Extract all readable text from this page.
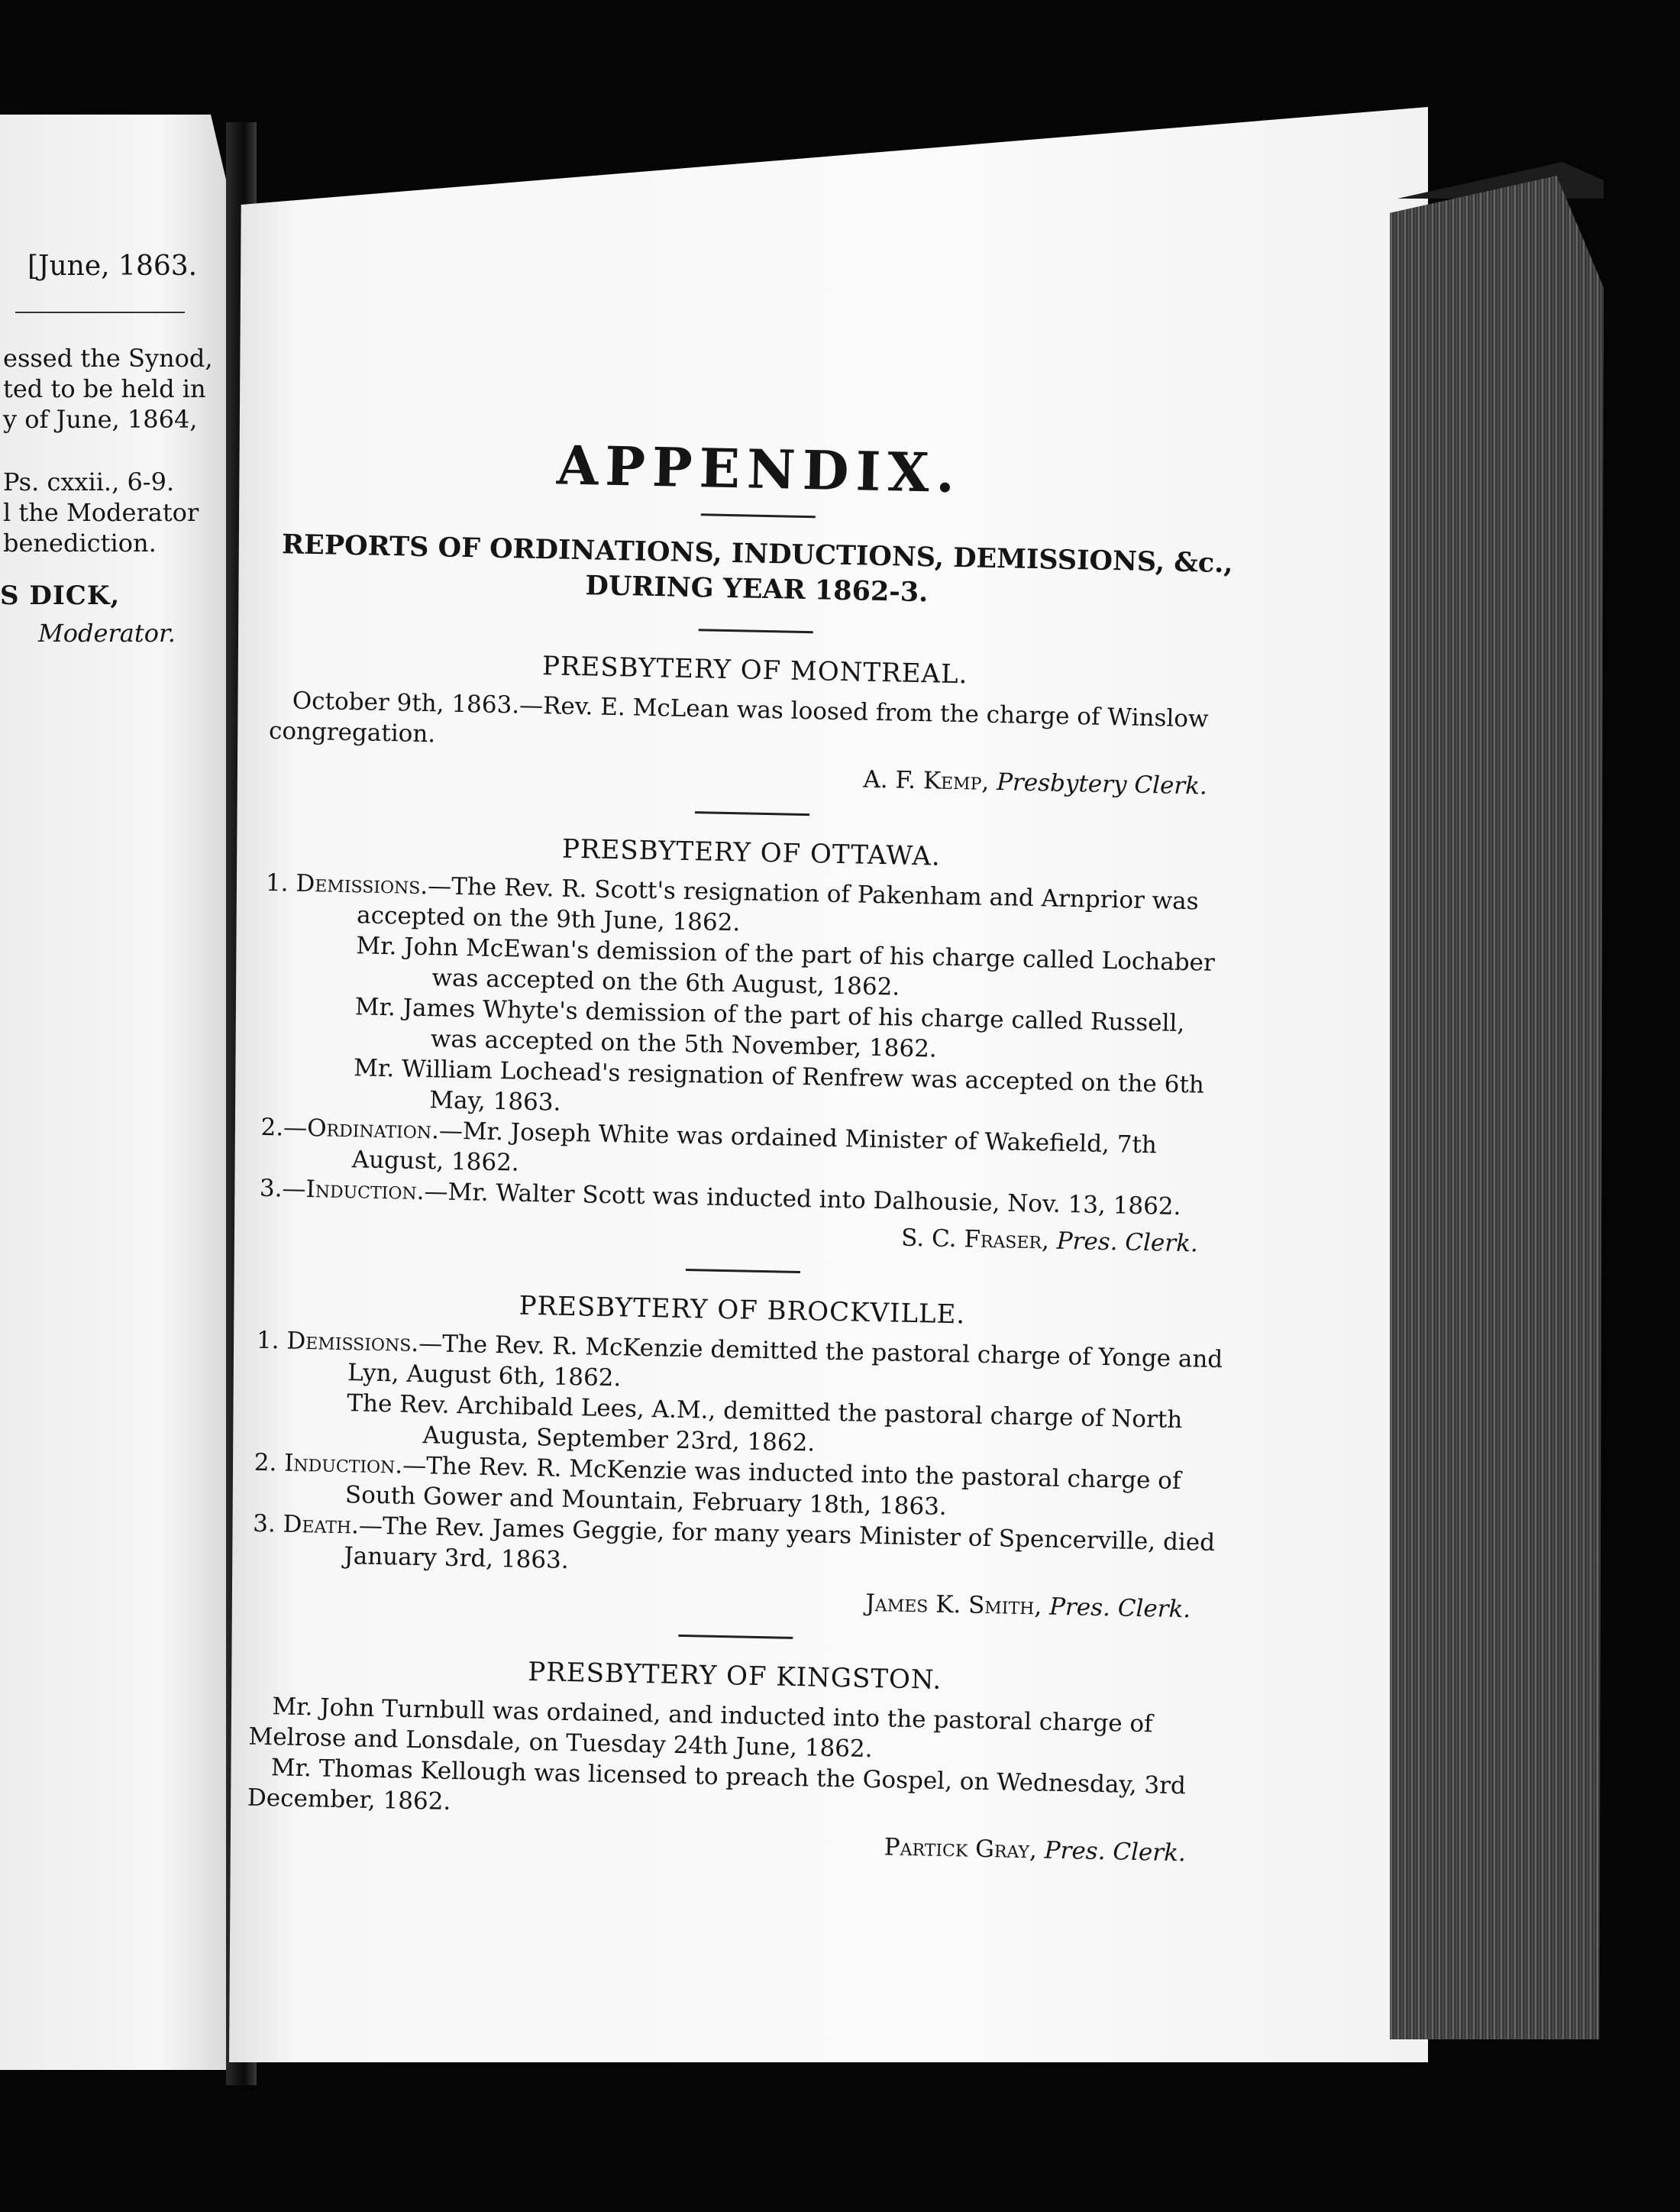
[June, 1863.
essed the Synod,
ted to be held in
y of June, 1864,
Ps. cxxii., 6-9.
l the Moderator
benediction.
S DICK,
Moderator.
APPENDIX.
REPORTS OF ORDINATIONS, INDUCTIONS, DEMISSIONS, &c.,
DURING YEAR 1862-3.
PRESBYTERY OF MONTREAL.

October 9th, 1863.—Rev. E. McLean was loosed from the charge of Winslow congregation.

A. F. Kemp, Presbytery Clerk.
PRESBYTERY OF OTTAWA.

1. Demissions.—The Rev. R. Scott's resignation of Pakenham and Arnprior was accepted on the 9th June, 1862.

Mr. John McEwan's demission of the part of his charge called Lochaber was accepted on the 6th August, 1862.

Mr. James Whyte's demission of the part of his charge called Russell, was accepted on the 5th November, 1862.

Mr. William Lochead's resignation of Renfrew was accepted on the 6th May, 1863.

2.—Ordination.—Mr. Joseph White was ordained Minister of Wakefield, 7th August, 1862.

3.—Induction.—Mr. Walter Scott was inducted into Dalhousie, Nov. 13, 1862.

S. C. Fraser, Pres. Clerk.
PRESBYTERY OF BROCKVILLE.

1. Demissions.—The Rev. R. McKenzie demitted the pastoral charge of Yonge and Lyn, August 6th, 1862.

The Rev. Archibald Lees, A.M., demitted the pastoral charge of North Augusta, September 23rd, 1862.

2. Induction.—The Rev. R. McKenzie was inducted into the pastoral charge of South Gower and Mountain, February 18th, 1863.

3. Death.—The Rev. James Geggie, for many years Minister of Spencerville, died January 3rd, 1863.

James K. Smith, Pres. Clerk.
PRESBYTERY OF KINGSTON.

Mr. John Turnbull was ordained, and inducted into the pastoral charge of Melrose and Lonsdale, on Tuesday 24th June, 1862.

Mr. Thomas Kellough was licensed to preach the Gospel, on Wednesday, 3rd December, 1862.

Partick Gray, Pres. Clerk.
